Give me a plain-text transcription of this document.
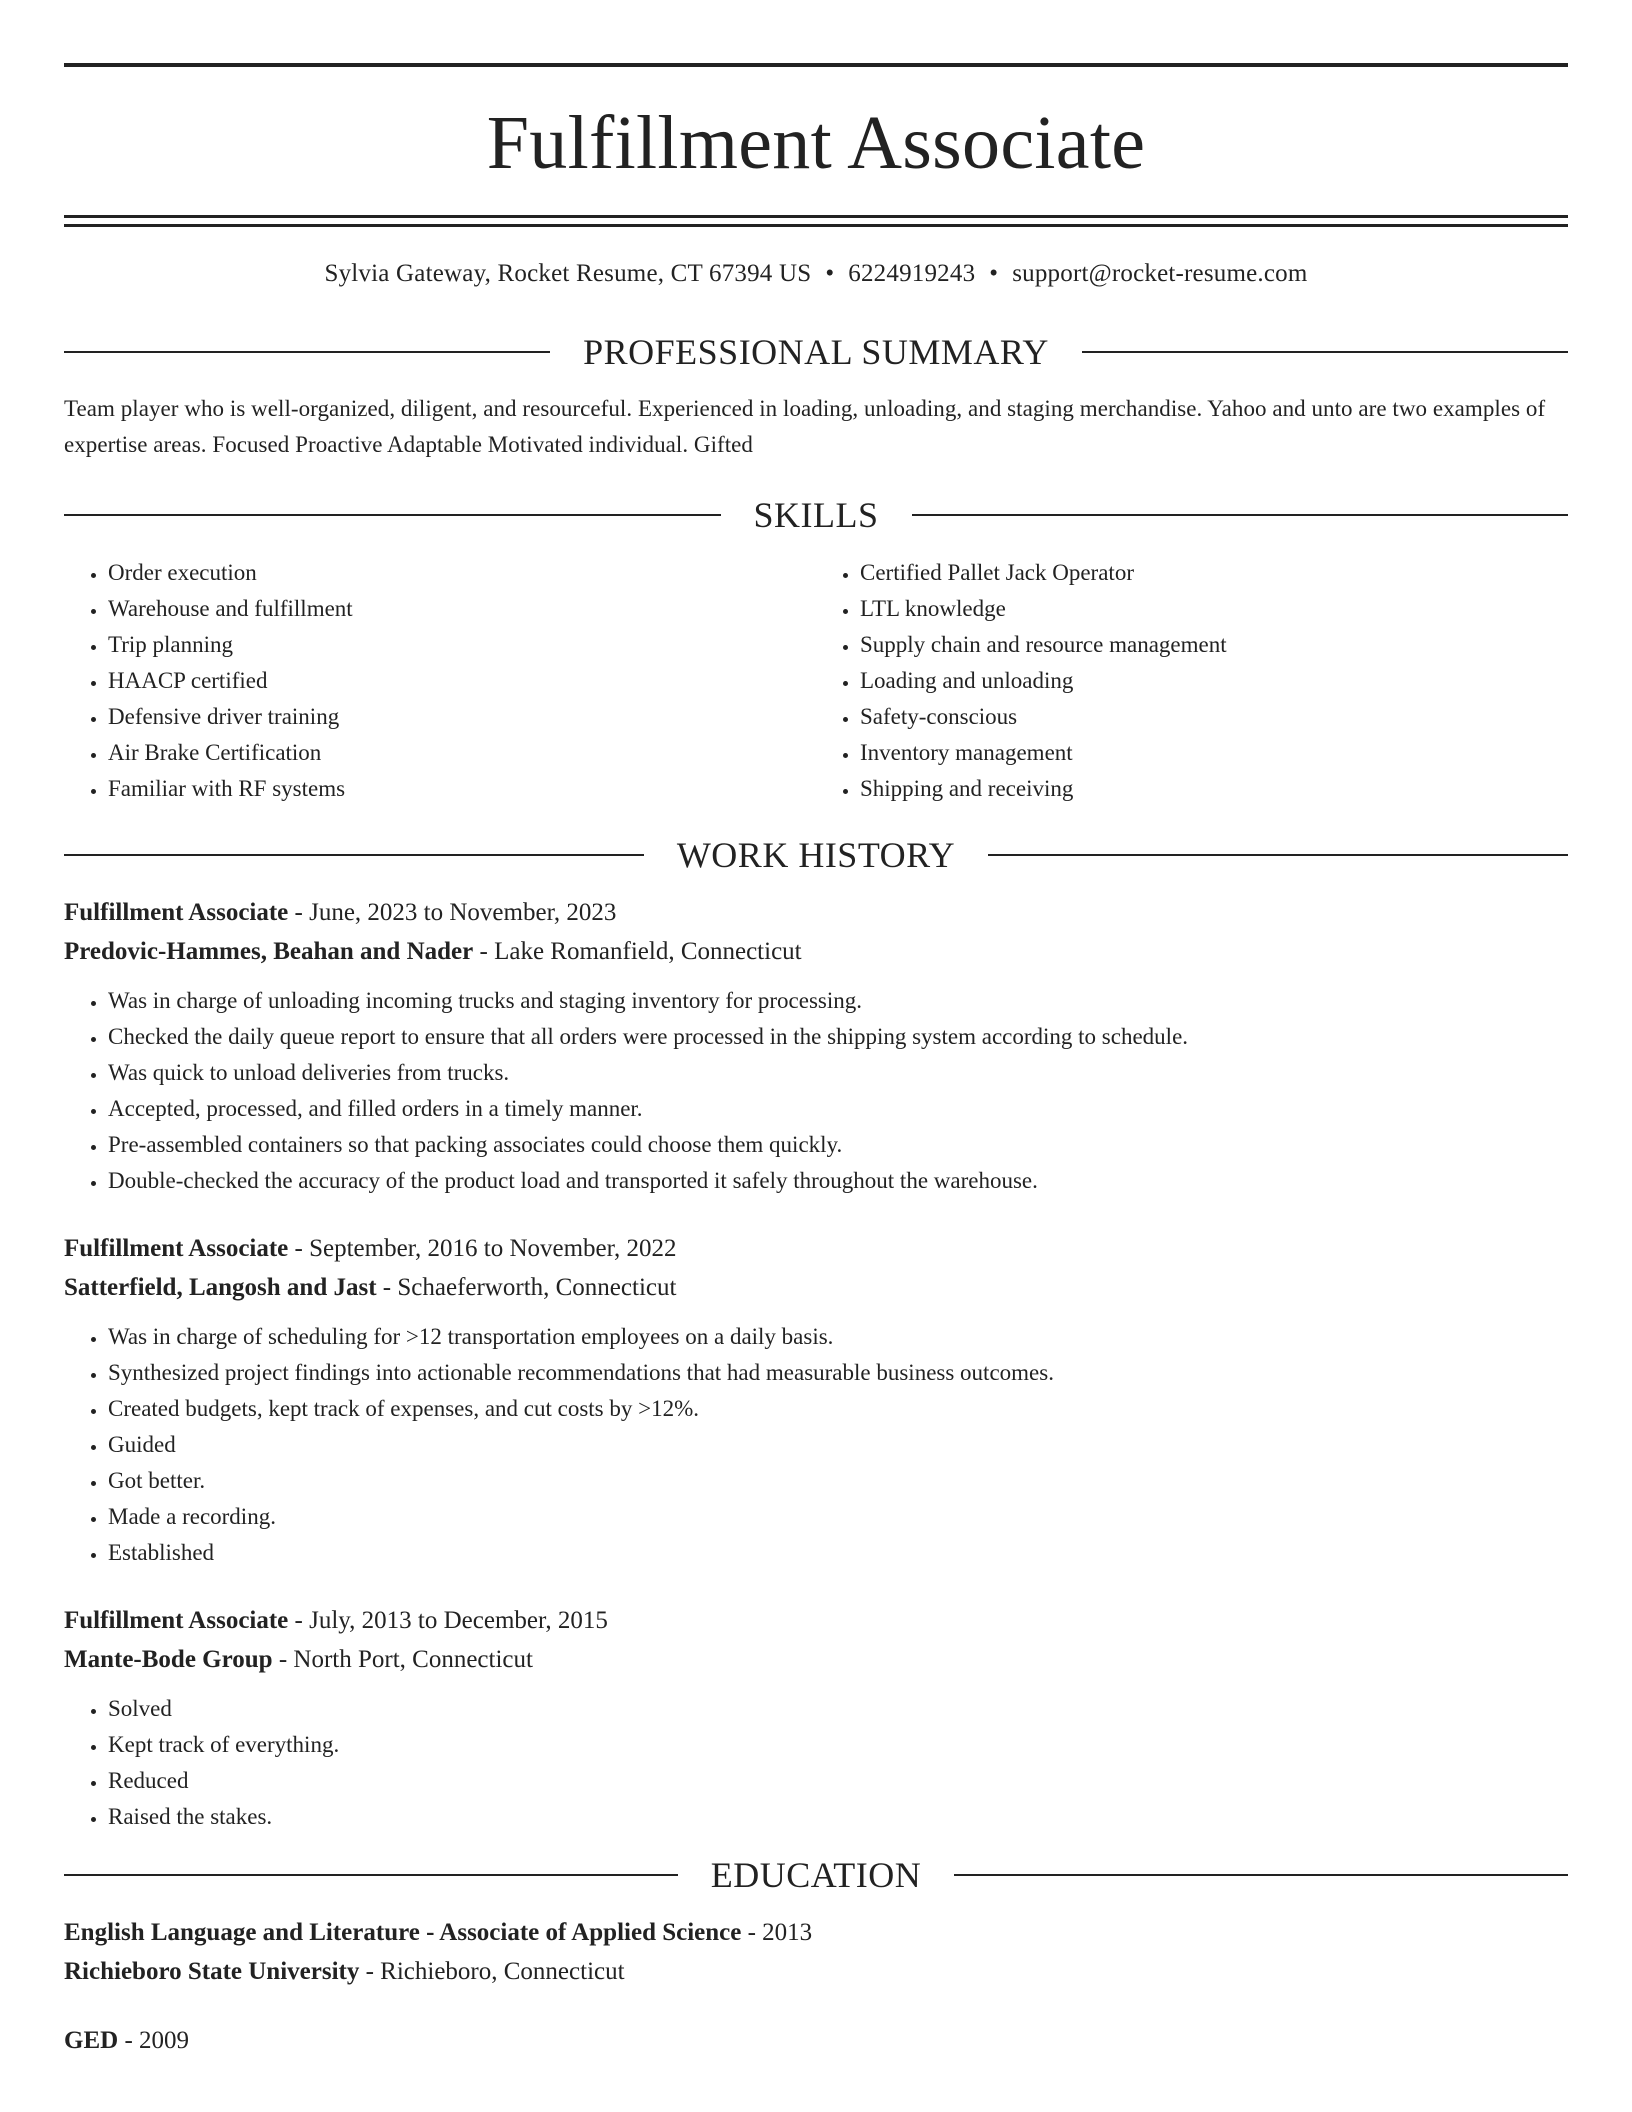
Fulfillment Associate
Sylvia Gateway, Rocket Resume, CT 67394 US • 6224919243 • support@rocket-resume.com
PROFESSIONAL SUMMARY

Team player who is well-organized, diligent, and resourceful. Experienced in loading, unloading, and staging merchandise. Yahoo and unto are two examples of expertise areas. Focused Proactive Adaptable Motivated individual. Gifted

SKILLS
• Order execution
• Warehouse and fulfillment
• Trip planning
• HAACP certified
• Defensive driver training
• Air Brake Certification
• Familiar with RF systems
• Certified Pallet Jack Operator
• LTL knowledge
• Supply chain and resource management
• Loading and unloading
• Safety-conscious
• Inventory management
• Shipping and receiving
WORK HISTORY
Fulfillment Associate - June, 2023 to November, 2023
Predovic-Hammes, Beahan and Nader - Lake Romanfield, Connecticut
• Was in charge of unloading incoming trucks and staging inventory for processing.
• Checked the daily queue report to ensure that all orders were processed in the shipping system according to schedule.
• Was quick to unload deliveries from trucks.
• Accepted, processed, and filled orders in a timely manner.
• Pre-assembled containers so that packing associates could choose them quickly.
• Double-checked the accuracy of the product load and transported it safely throughout the warehouse.
Fulfillment Associate - September, 2016 to November, 2022
Satterfield, Langosh and Jast - Schaeferworth, Connecticut
• Was in charge of scheduling for >12 transportation employees on a daily basis.
• Synthesized project findings into actionable recommendations that had measurable business outcomes.
• Created budgets, kept track of expenses, and cut costs by >12%.
• Guided
• Got better.
• Made a recording.
• Established
Fulfillment Associate - July, 2013 to December, 2015
Mante-Bode Group - North Port, Connecticut
• Solved
• Kept track of everything.
• Reduced
• Raised the stakes.
EDUCATION
English Language and Literature - Associate of Applied Science - 2013
Richieboro State University - Richieboro, Connecticut
GED - 2009
